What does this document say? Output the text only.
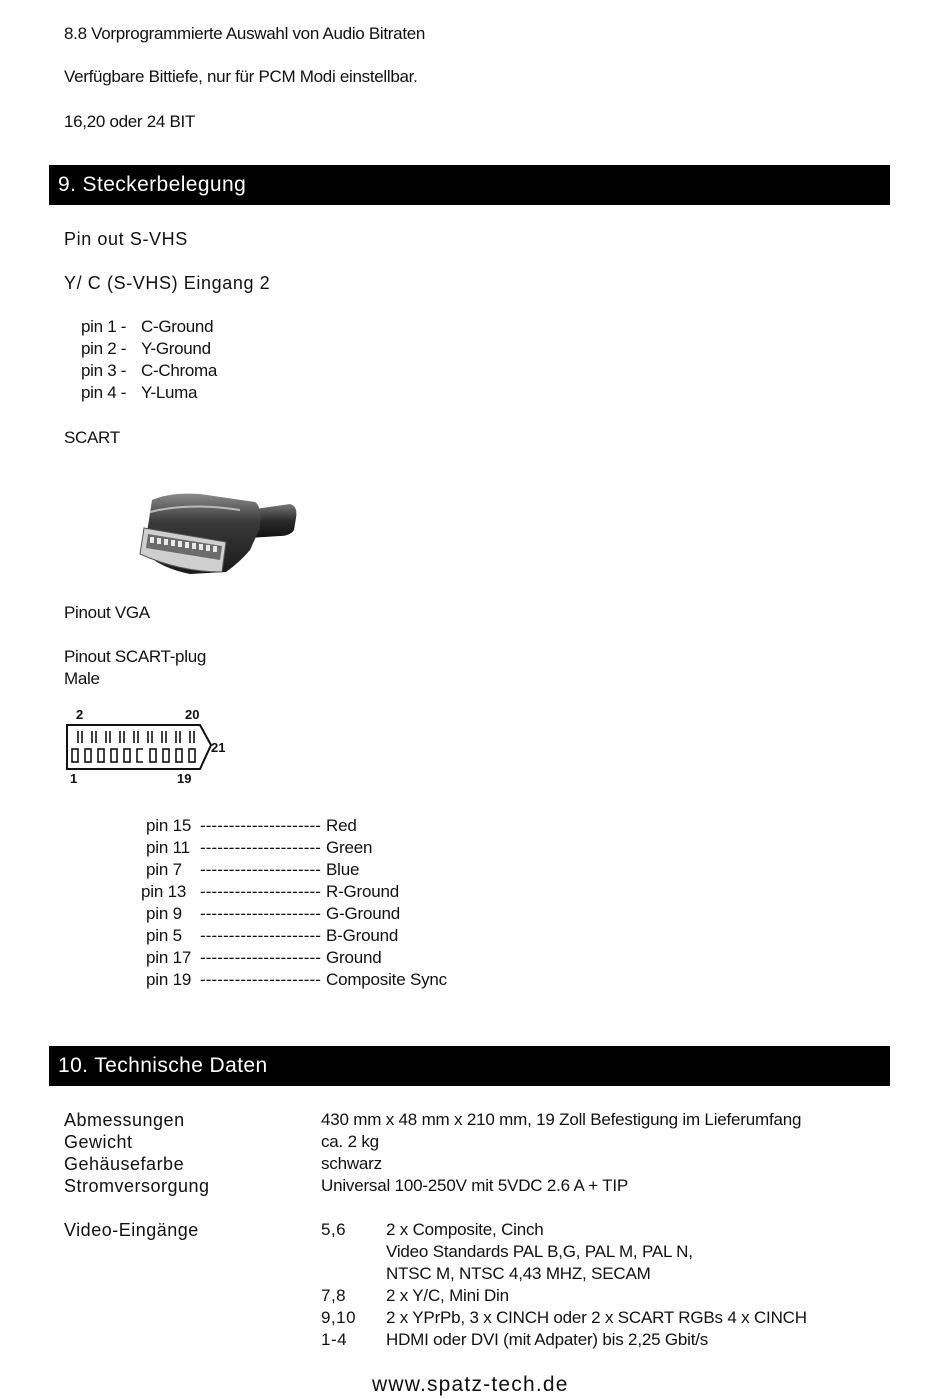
8.8 Vorprogrammierte Auswahl von Audio Bitraten
Verfügbare Bittiefe, nur für PCM Modi einstellbar.
16,20 oder 24 BIT
9. Steckerbelegung
Pin out S-VHS
Y/ C (S-VHS) Eingang 2
pin 1 - C-Ground
pin 2 - Y-Ground
pin 3 - C-Chroma
pin 4 - Y-Luma
SCART
Pinout VGA
Pinout SCART-plug
Male
2	20
1	19
21
pin 15 --------------------- Red
pin 11 --------------------- Green
pin 7 --------------------- Blue
pin 13 --------------------- R-Ground
pin 9 --------------------- G-Ground
pin 5 --------------------- B-Ground
pin 17 --------------------- Ground
pin 19 --------------------- Composite Sync
10. Technische Daten
Abmessungen	430 mm x 48 mm x 210 mm, 19 Zoll Befestigung im Lieferumfang
Gewicht	ca. 2 kg
Gehäusefarbe	schwarz
Stromversorgung	Universal 100-250V mit 5VDC 2.6 A + TIP
Video-Eingänge	5,6 2 x Composite, Cinch
Video Standards PAL B,G, PAL M, PAL N,
NTSC M, NTSC 4,43 MHZ, SECAM
7,8 2 x Y/C, Mini Din
9,10 2 x YPrPb, 3 x CINCH oder 2 x SCART RGBs 4 x CINCH
1-4 HDMI oder DVI (mit Adpater) bis 2,25 Gbit/s
www.spatz-tech.de
